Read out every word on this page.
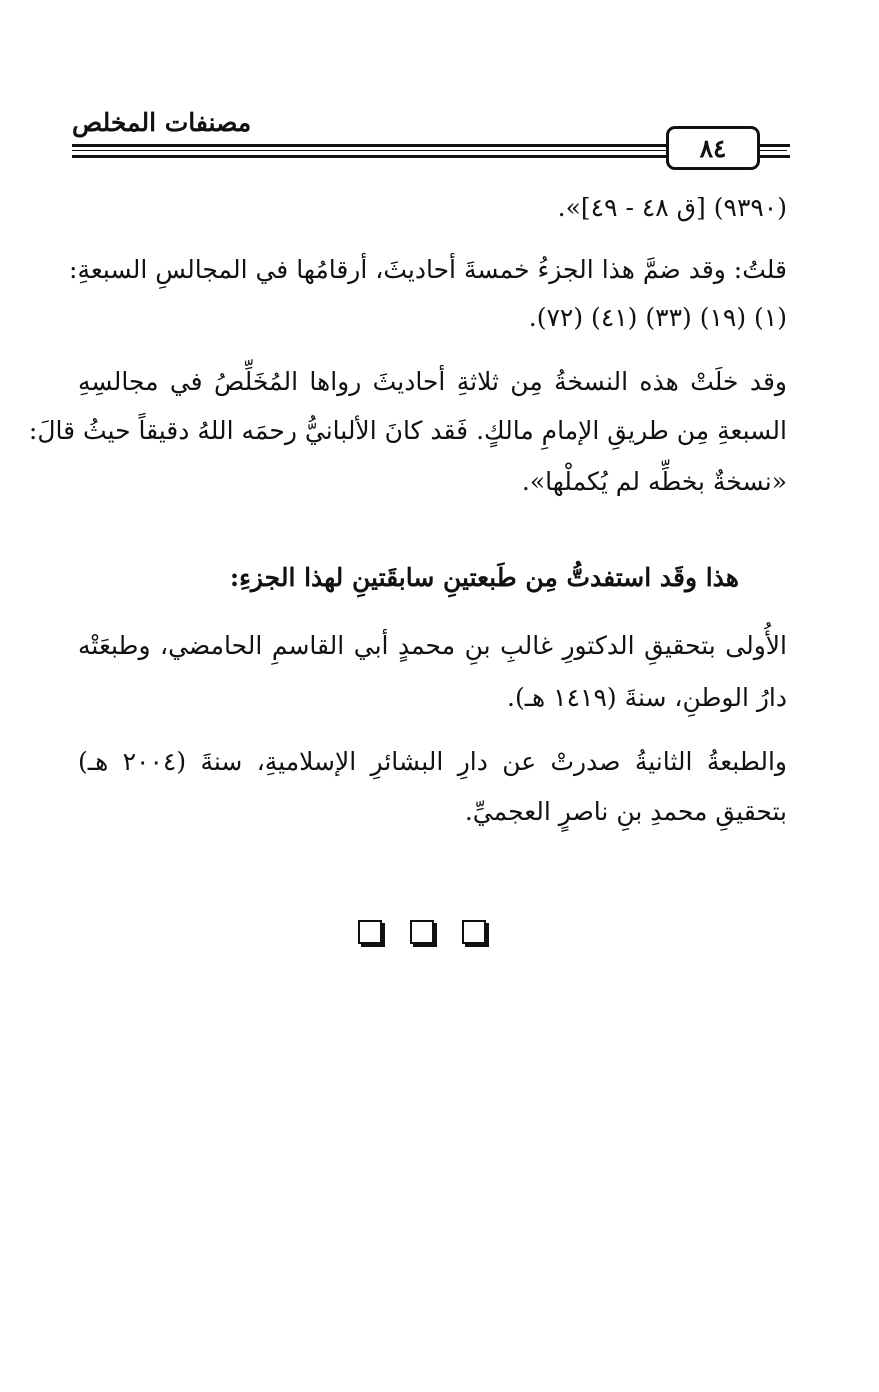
مصنفات المخلص
٨٤
(٩٣٩٠) [ق ٤٨ - ٤٩]».
قلتُ: وقد ضمَّ هذا الجزءُ خمسةَ أحاديثَ، أرقامُها في المجالسِ السبعةِ:
(١) (١٩) (٣٣) (٤١) (٧٢).
وقد خلَتْ هذه النسخةُ مِن ثلاثةِ أحاديثَ رواها المُخَلِّصُ في مجالسِهِ
السبعةِ مِن طريقِ الإمامِ مالكٍ. فَقد كانَ الألبانيُّ رحمَه اللهُ دقيقاً حيثُ قالَ:
«نسخةٌ بخطِّه لم يُكملْها».
هذا وقَد استفدتُّ مِن طَبعتينِ سابقَتينِ لهذا الجزءِ:
الأُولى بتحقيقِ الدكتورِ غالبِ بنِ محمدٍ أبي القاسمِ الحامضي، وطبعَتْه
دارُ الوطنِ، سنةَ (١٤١٩ هـ).
والطبعةُ الثانيةُ صدرتْ عن دارِ البشائرِ الإسلاميةِ، سنةَ (٢٠٠٤ هـ)
بتحقيقِ محمدِ بنِ ناصرٍ العجميِّ.
